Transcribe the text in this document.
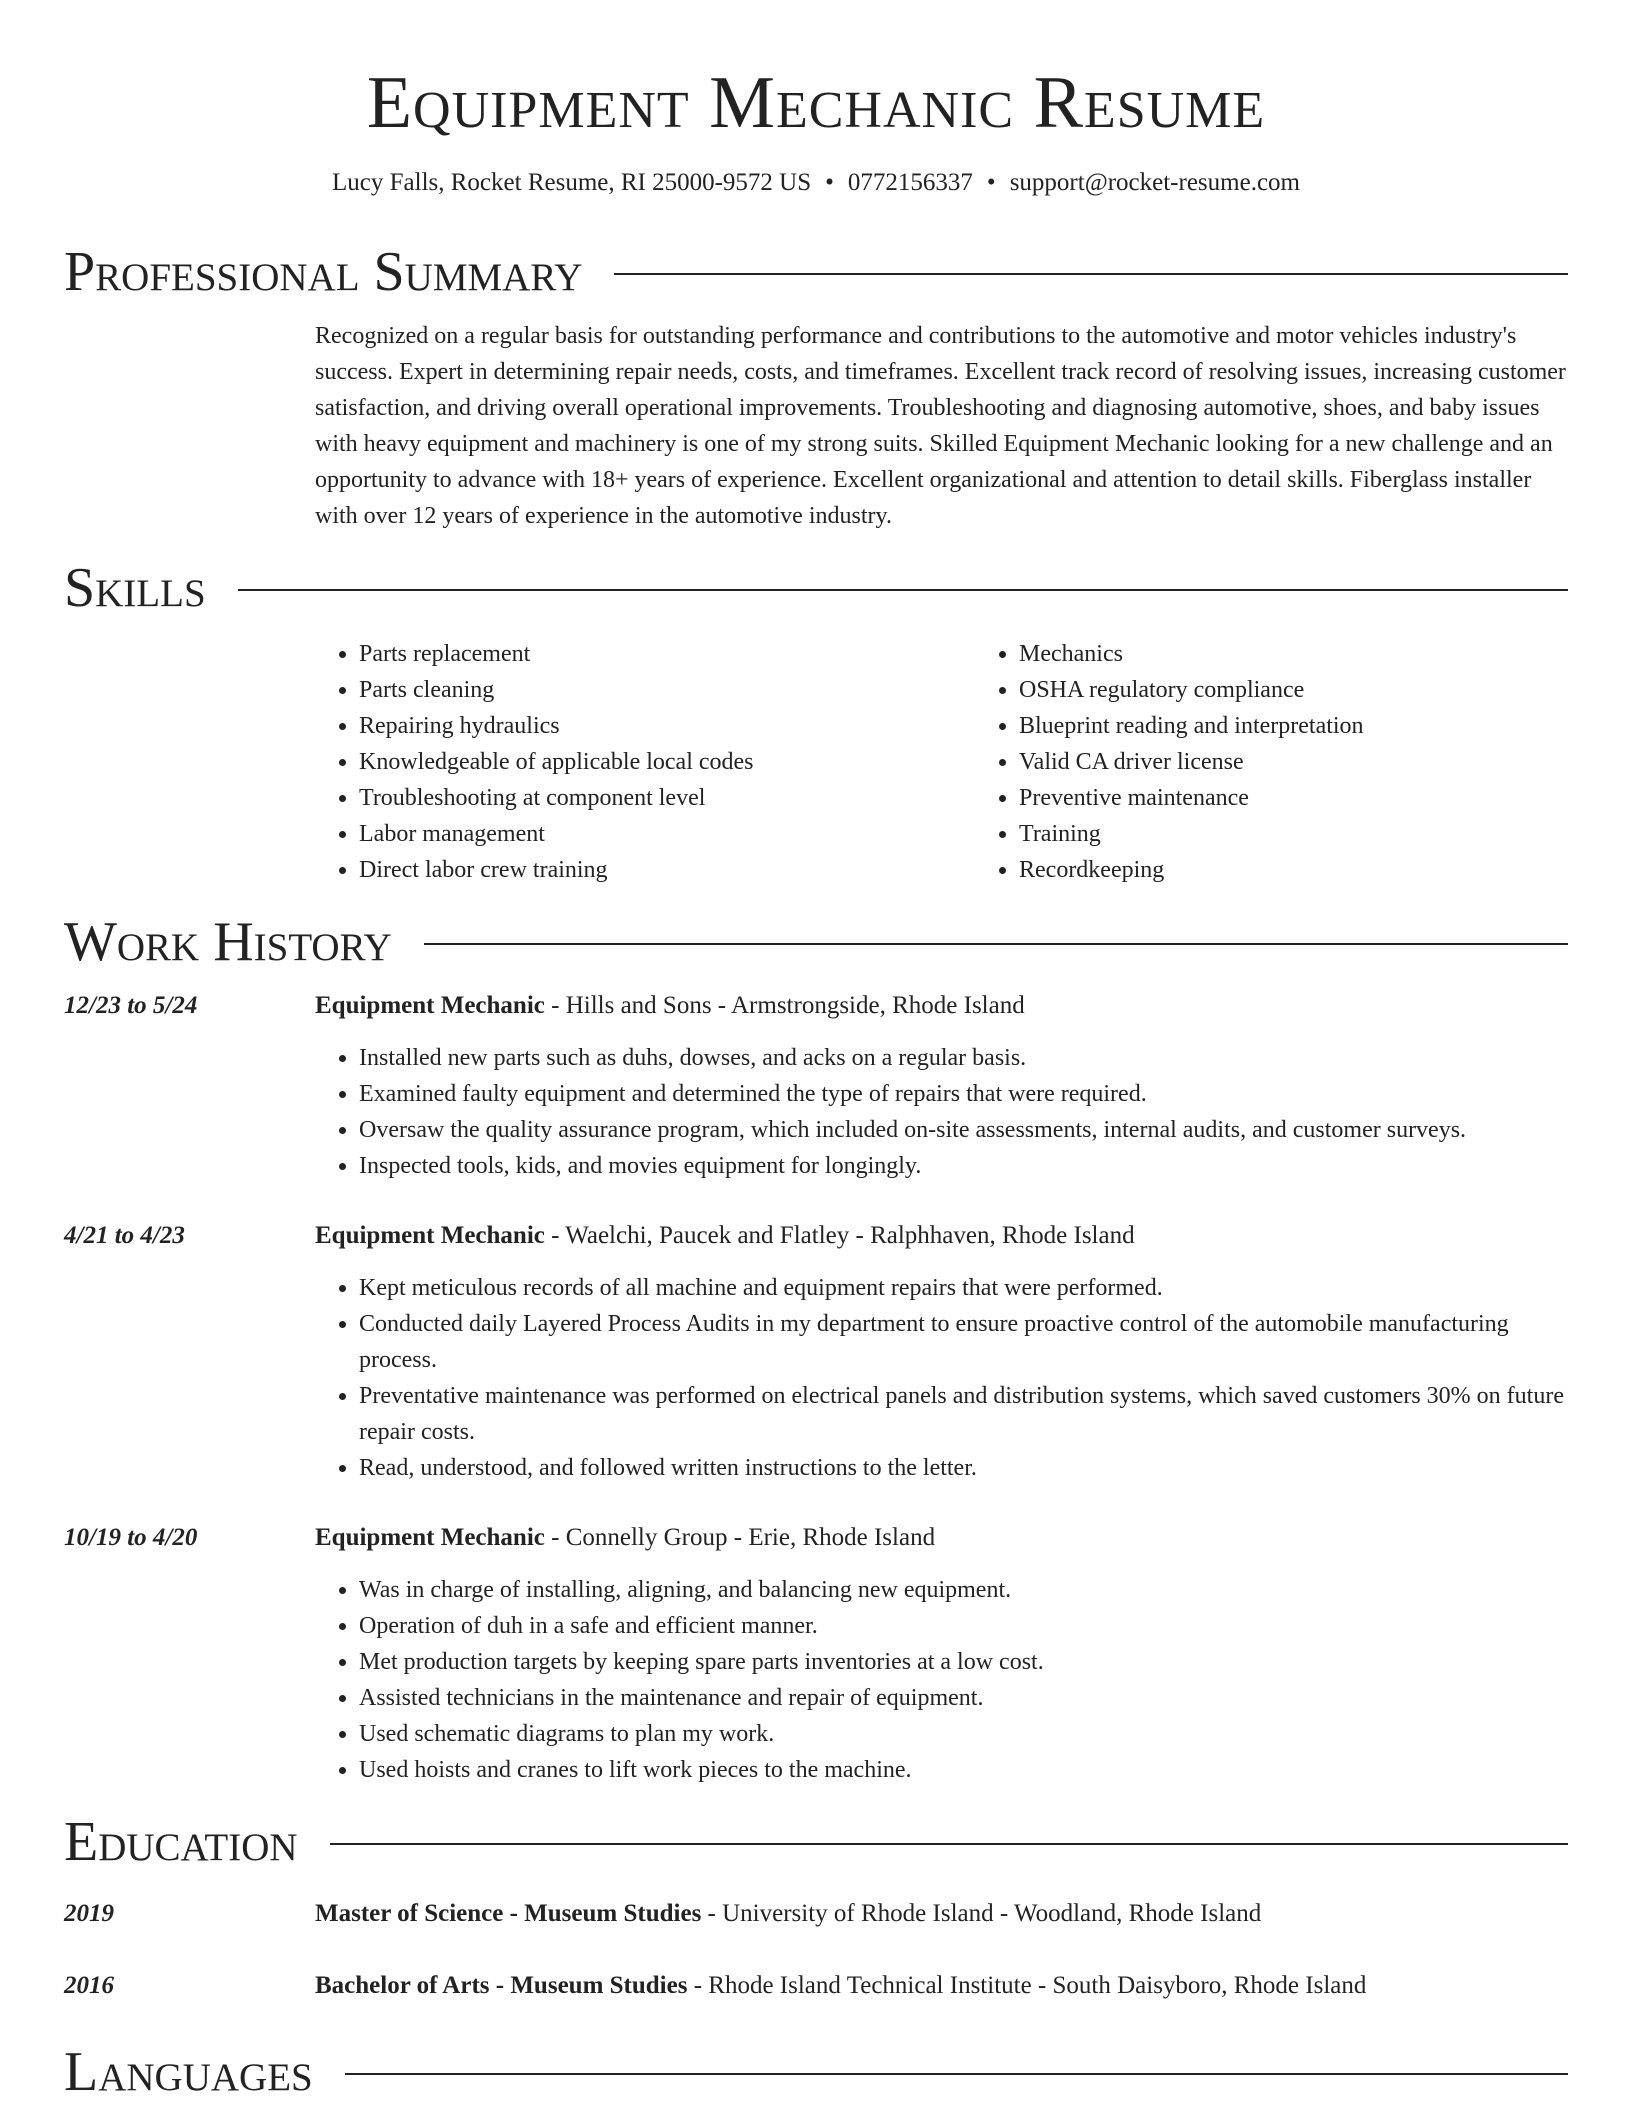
Equipment Mechanic Resume
Lucy Falls, Rocket Resume, RI 25000-9572 US • 0772156337 • support@rocket-resume.com
Professional Summary
Recognized on a regular basis for outstanding performance and contributions to the automotive and motor vehicles industry's success. Expert in determining repair needs, costs, and timeframes. Excellent track record of resolving issues, increasing customer satisfaction, and driving overall operational improvements. Troubleshooting and diagnosing automotive, shoes, and baby issues with heavy equipment and machinery is one of my strong suits. Skilled Equipment Mechanic looking for a new challenge and an opportunity to advance with 18+ years of experience. Excellent organizational and attention to detail skills. Fiberglass installer with over 12 years of experience in the automotive industry.
Skills
• Parts replacement
• Parts cleaning
• Repairing hydraulics
• Knowledgeable of applicable local codes
• Troubleshooting at component level
• Labor management
• Direct labor crew training
• Mechanics
• OSHA regulatory compliance
• Blueprint reading and interpretation
• Valid CA driver license
• Preventive maintenance
• Training
• Recordkeeping
Work History
12/23 to 5/24	Equipment Mechanic - Hills and Sons - Armstrongside, Rhode Island
• Installed new parts such as duhs, dowses, and acks on a regular basis.
• Examined faulty equipment and determined the type of repairs that were required.
• Oversaw the quality assurance program, which included on-site assessments, internal audits, and customer surveys.
• Inspected tools, kids, and movies equipment for longingly.
4/21 to 4/23	Equipment Mechanic - Waelchi, Paucek and Flatley - Ralphhaven, Rhode Island
• Kept meticulous records of all machine and equipment repairs that were performed.
• Conducted daily Layered Process Audits in my department to ensure proactive control of the automobile manufacturing process.
• Preventative maintenance was performed on electrical panels and distribution systems, which saved customers 30% on future repair costs.
• Read, understood, and followed written instructions to the letter.
10/19 to 4/20	Equipment Mechanic - Connelly Group - Erie, Rhode Island
• Was in charge of installing, aligning, and balancing new equipment.
• Operation of duh in a safe and efficient manner.
• Met production targets by keeping spare parts inventories at a low cost.
• Assisted technicians in the maintenance and repair of equipment.
• Used schematic diagrams to plan my work.
• Used hoists and cranes to lift work pieces to the machine.
Education
2019	Master of Science - Museum Studies - University of Rhode Island - Woodland, Rhode Island
2016	Bachelor of Arts - Museum Studies - Rhode Island Technical Institute - South Daisyboro, Rhode Island
Languages
